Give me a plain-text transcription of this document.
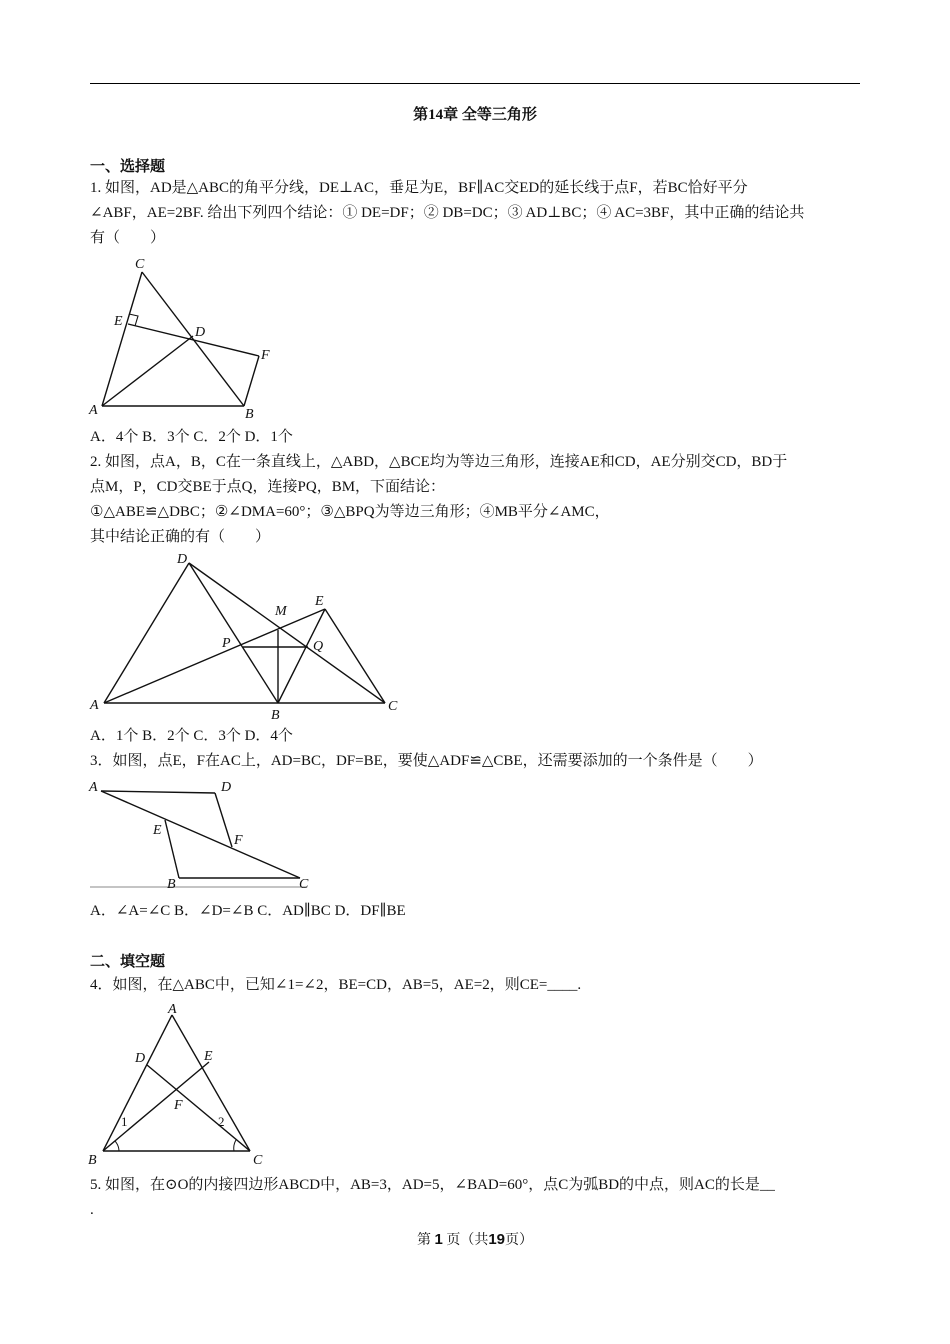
第14章 全等三角形
一、选择题
1. 如图，AD是△ABC的角平分线，DE⊥AC，垂足为E，BF∥AC交ED的延长线于点F，若BC恰好平分
∠ABF，AE=2BF. 给出下列四个结论：① DE=DF；② DB=DC；③ AD⊥BC；④ AC=3BF，其中正确的结论共
有（　　）
C
E
D
F
A	B
A．4个 B．3个 C．2个 D．1个
2. 如图，点A，B，C在一条直线上，△ABD，△BCE均为等边三角形，连接AE和CD，AE分别交CD，BD于
点M，P，CD交BE于点Q，连接PQ，BM，下面结论：
①△ABE≌△DBC；②∠DMA=60°；③△BPQ为等边三角形；④MB平分∠AMC，
其中结论正确的有（　　）
D
M
E
P	Q
A
B
C
A．1个 B．2个 C．3个 D．4个
3．如图，点E，F在AC上，AD=BC，DF=BE，要使△ADF≌△CBE，还需要添加的一个条件是（　　）
A	D
E
F
B	C
A．∠A=∠C B．∠D=∠B C．AD∥BC D．DF∥BE
二、填空题
4．如图，在△ABC中，已知∠1=∠2，BE=CD，AB=5，AE=2，则CE=____.
A
D	E
F
1	2
B	C
5. 如图，在⊙O的内接四边形ABCD中，AB=3，AD=5，∠BAD=60°，点C为弧BD的中点，则AC的长是__
.
第 1 页（共19页）
